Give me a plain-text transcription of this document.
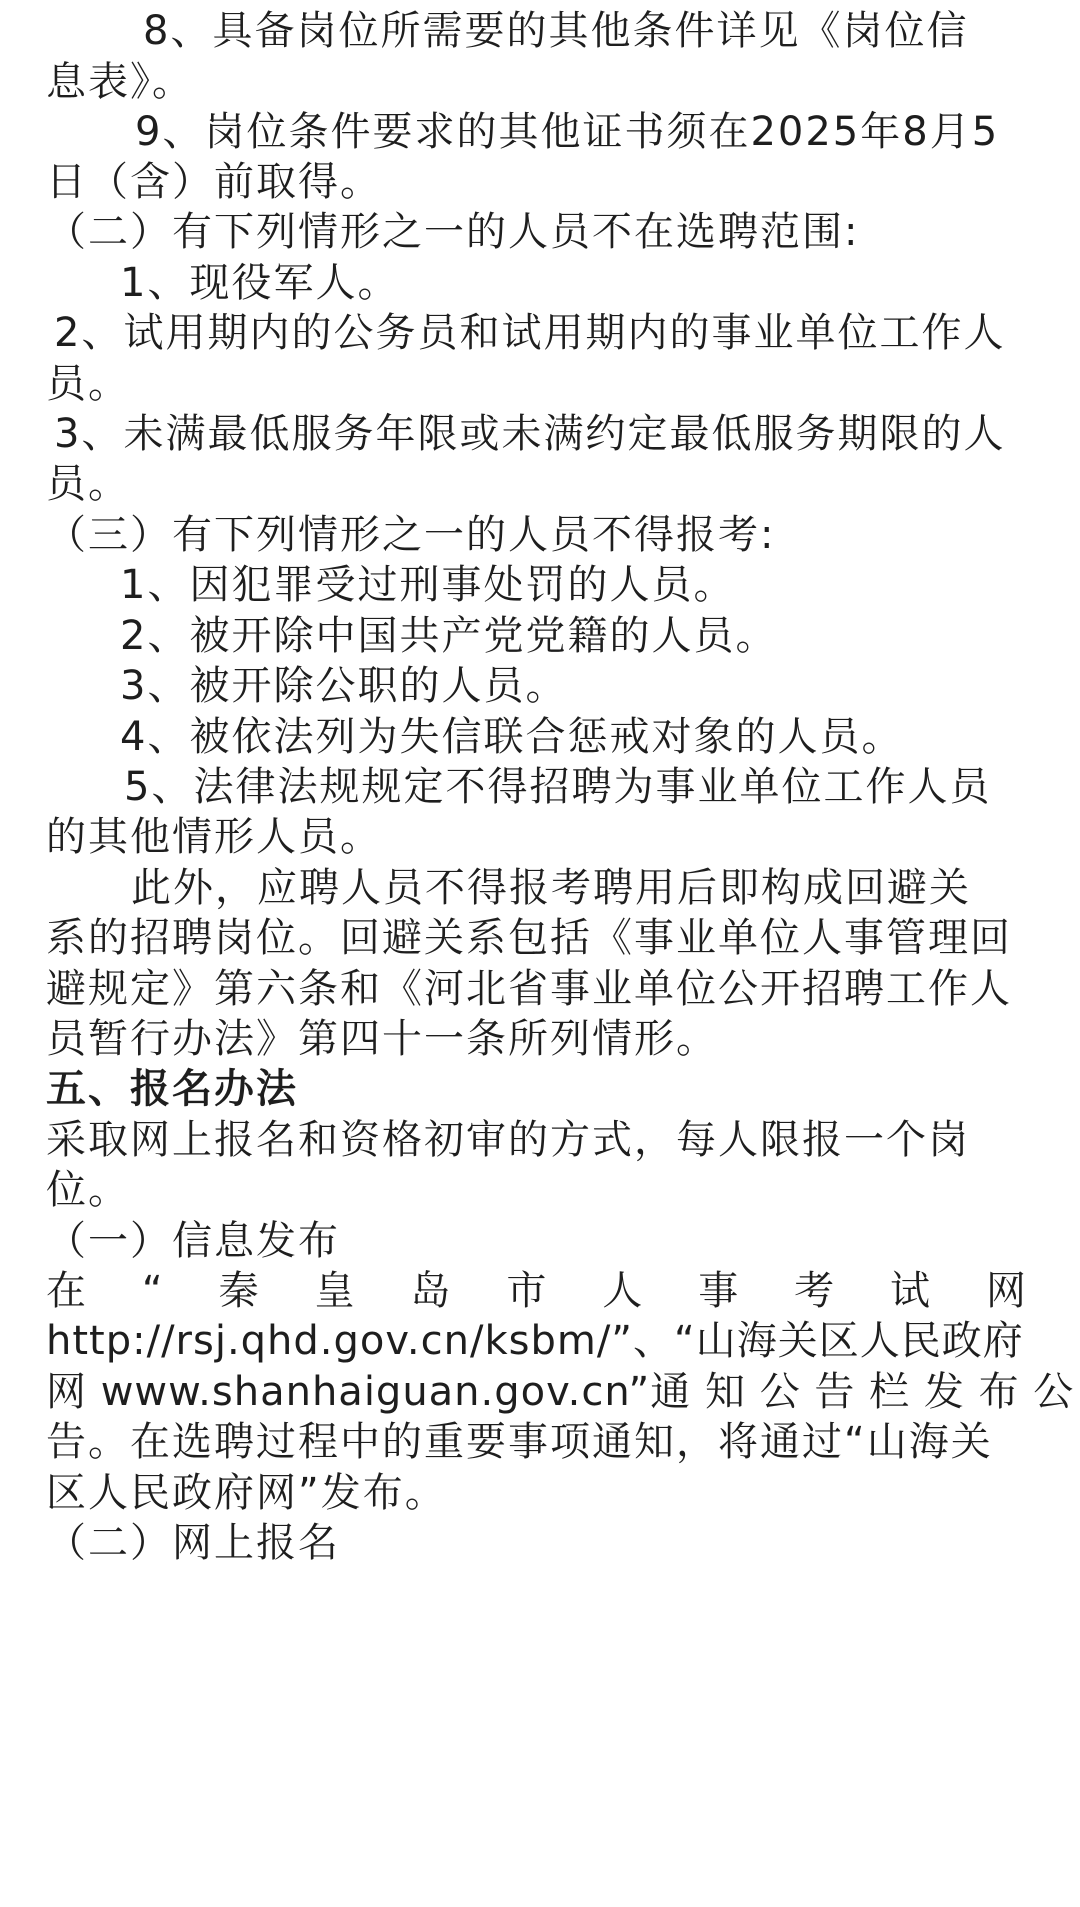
8、具备岗位所需要的其他条件详见《岗位信
息表》。
9、岗位条件要求的其他证书须在2025年8月5
日（含）前取得。
（二）有下列情形之一的人员不在选聘范围:
1、现役军人。
2、试用期内的公务员和试用期内的事业单位工作人
员。
3、未满最低服务年限或未满约定最低服务期限的人
员。
（三）有下列情形之一的人员不得报考:
1、因犯罪受过刑事处罚的人员。
2、被开除中国共产党党籍的人员。
3、被开除公职的人员。
4、被依法列为失信联合惩戒对象的人员。
5、法律法规规定不得招聘为事业单位工作人员
的其他情形人员。
此外，应聘人员不得报考聘用后即构成回避关
系的招聘岗位。回避关系包括《事业单位人事管理回
避规定》第六条和《河北省事业单位公开招聘工作人
员暂行办法》第四十一条所列情形。
五、报名办法
采取网上报名和资格初审的方式，每人限报一个岗
位。
（一）信息发布
在 “ 秦 皇 岛 市 人 事 考 试 网
http://rsj.qhd.gov.cn/ksbm/”、“山海关区人民政府
网 www.shanhaiguan.gov.cn”通 知 公 告 栏 发 布 公
告。在选聘过程中的重要事项通知，将通过“山海关
区人民政府网”发布。
（二）网上报名
